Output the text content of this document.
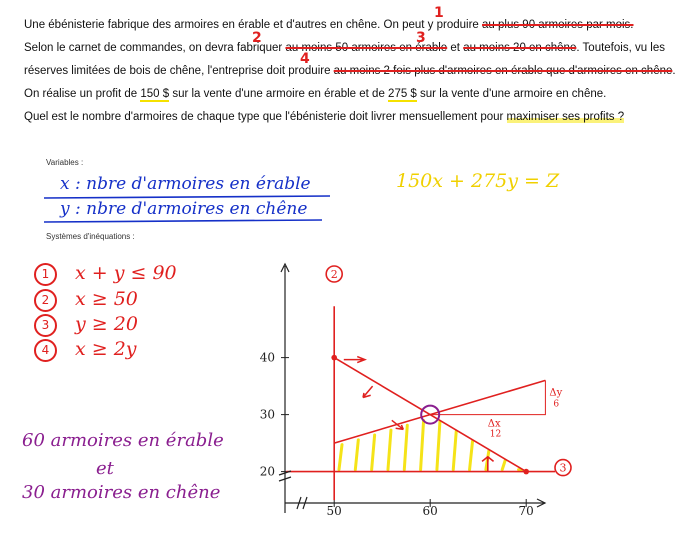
Une ébénisterie fabrique des armoires en érable et d'autres en chêne. On peut y produire au plus 90 armoires par mois.
1
Selon le carnet de commandes, on devra fabriquer au moins 50 armoires en érable et au moins 20 en chêne. Toutefois, vu les
2	3
réserves limitées de bois de chêne, l'entreprise doit produire au moins 2 fois plus d'armoires en érable que d'armoires en chêne.
4
On réalise un profit de 150 $ sur la vente d'une armoire en érable et de 275 $ sur la vente d'une armoire en chêne.
Quel est le nombre d'armoires de chaque type que l'ébénisterie doit livrer mensuellement pour maximiser ses profits ?
Variables :
Systèmes d'inéquations :
x : nbre d'armoires en érable
y : nbre d'armoires en chêne
150x + 275y = Z
1 x + y ≤ 90
2 x ≥ 50
3 y ≥ 20
4 x ≥ 2y
60 armoires en érable
et
30 armoires en chêne
50	60	70
20
30
40
2
3
Δy
6
Δx
12
